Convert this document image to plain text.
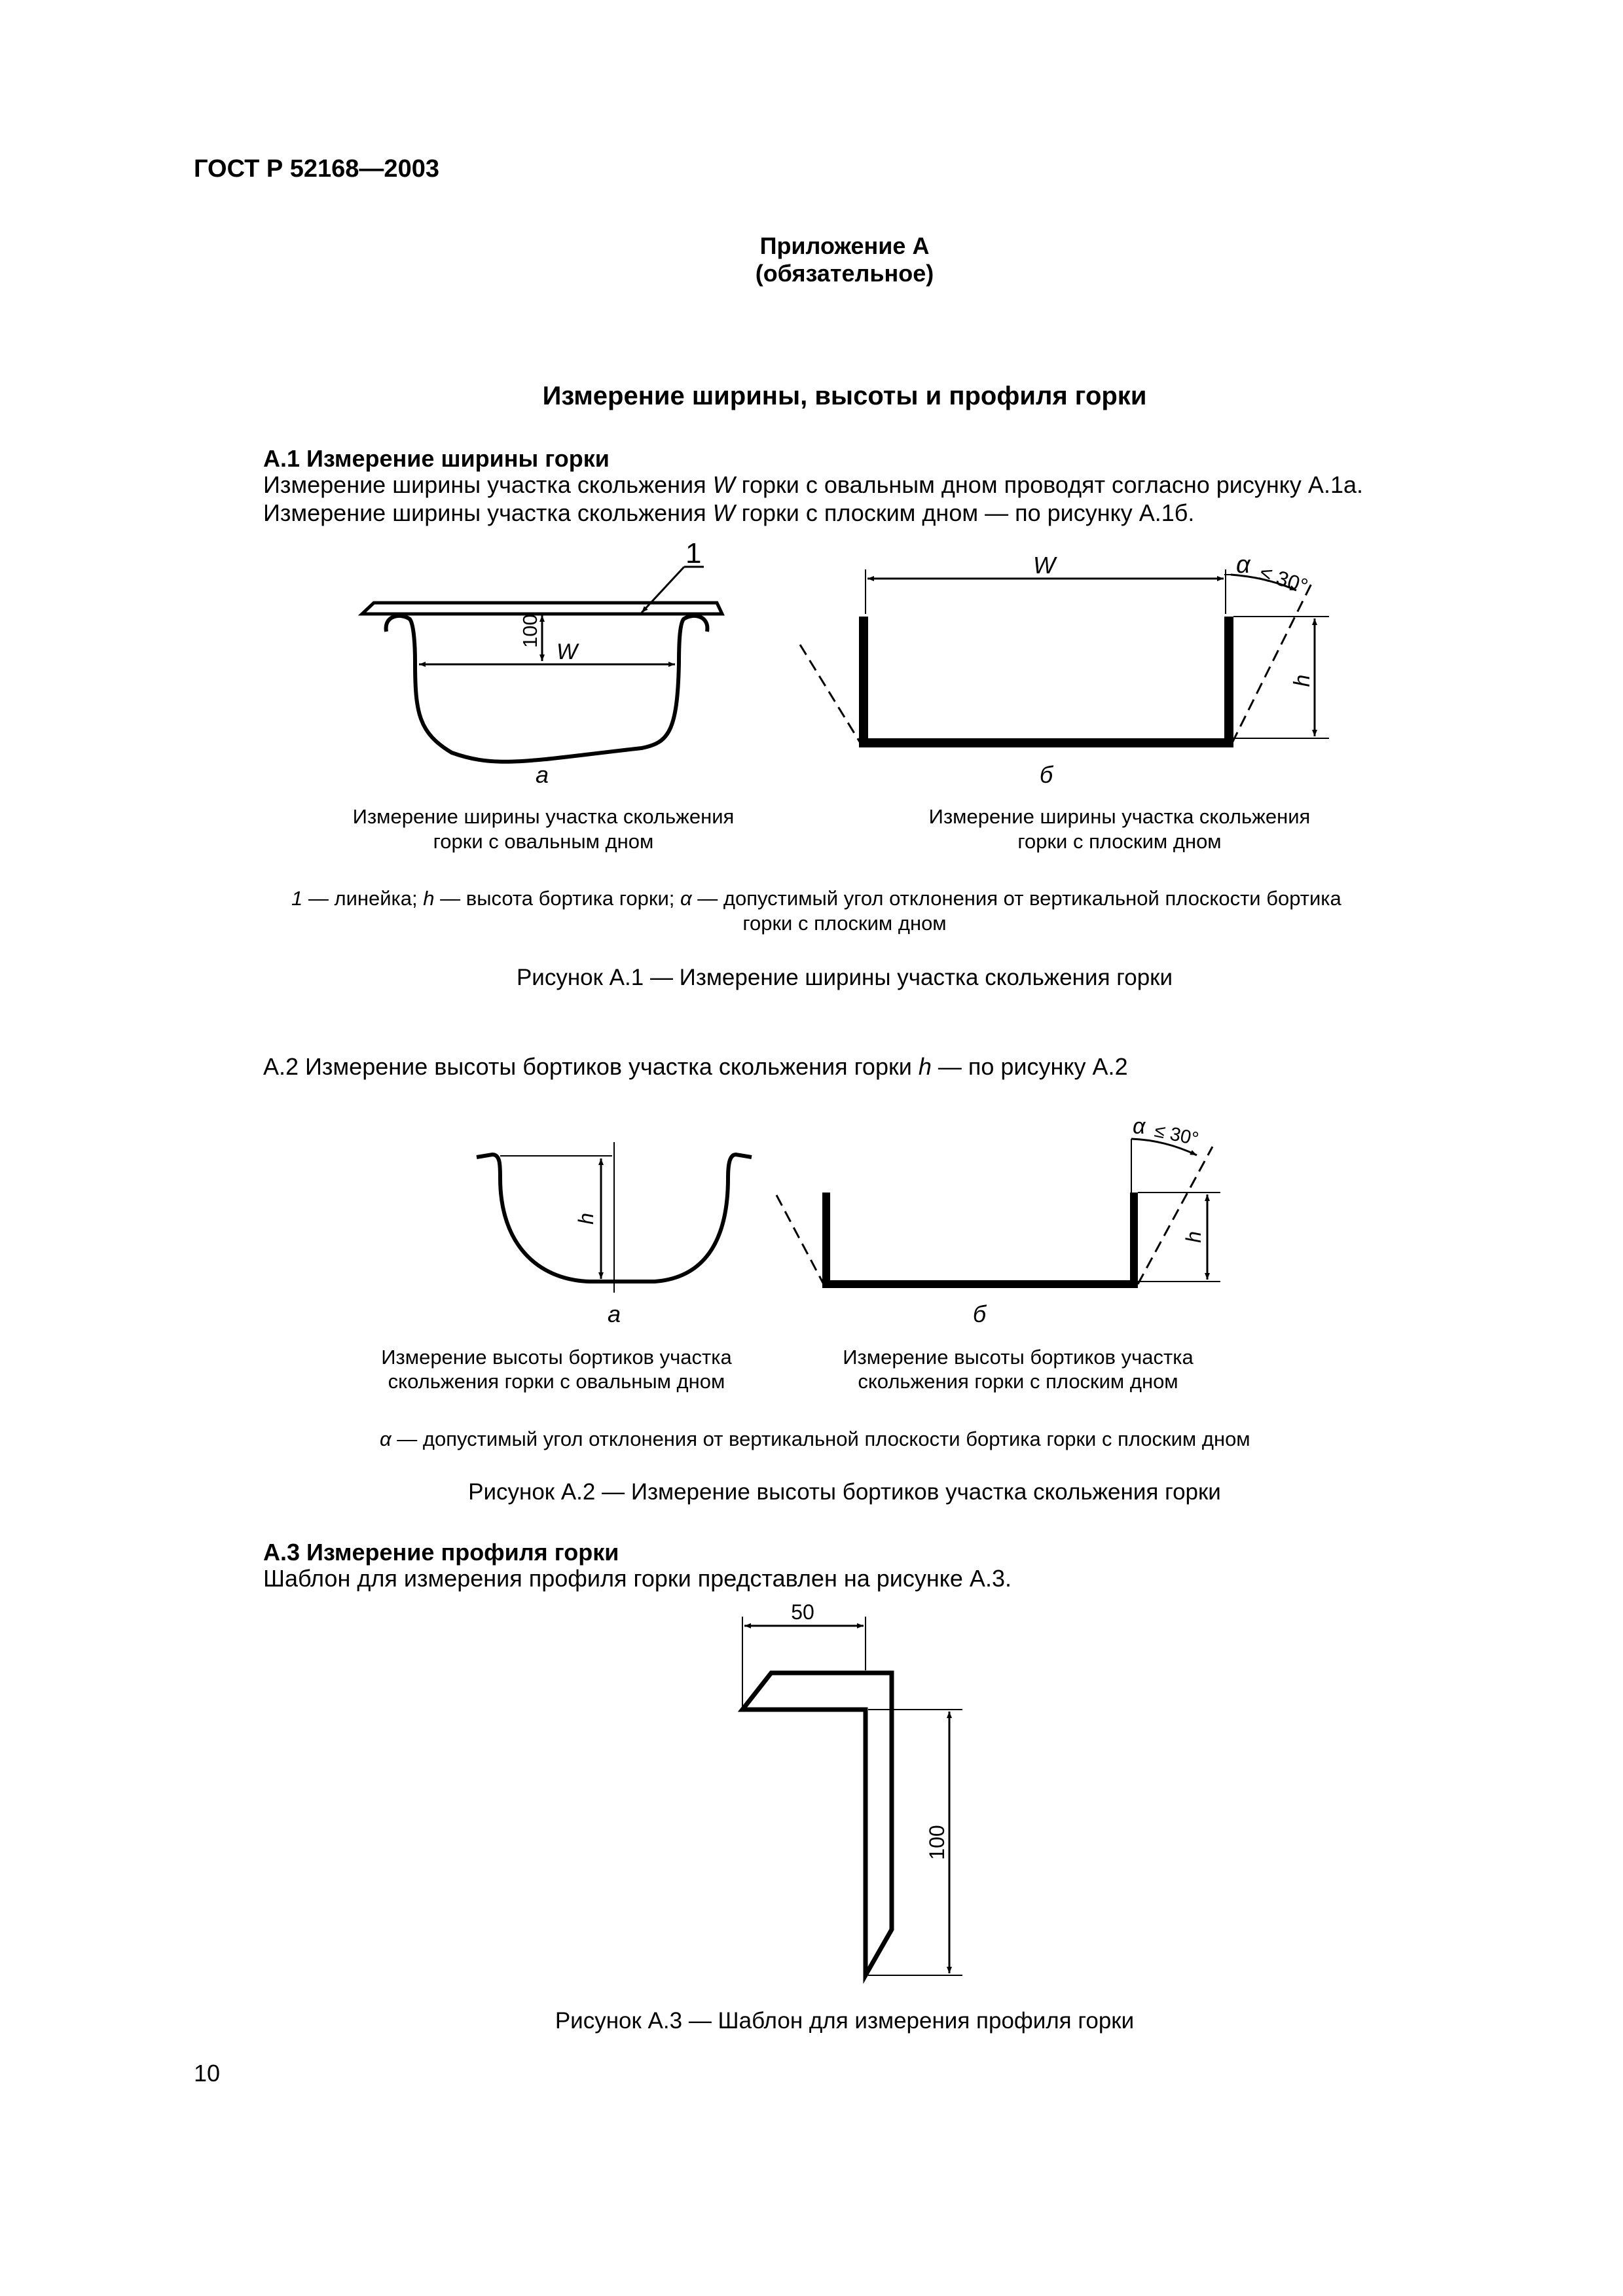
ГОСТ Р 52168—2003
Приложение А
(обязательное)
Измерение ширины, высоты и профиля горки
А.1 Измерение ширины горки
Измерение ширины участка скольжения W горки с овальным дном проводят согласно рисунку А.1а.
Измерение ширины участка скольжения W горки с плоским дном — по рисунку А.1б.
1
100
W
а
W	α ≤ 30°
h
б
Измерение ширины участка скольжения
горки с овальным дном
Измерение ширины участка скольжения
горки с плоским дном
1 — линейка; h — высота бортика горки; α — допустимый угол отклонения от вертикальной плоскости бортика
горки с плоским дном
Рисунок А.1 — Измерение ширины участка скольжения горки
А.2 Измерение высоты бортиков участка скольжения горки h — по рисунку А.2
h
а
α ≤ 30°
h
б
Измерение высоты бортиков участка
скольжения горки с овальным дном
Измерение высоты бортиков участка
скольжения горки с плоским дном
α — допустимый угол отклонения от вертикальной плоскости бортика горки с плоским дном
Рисунок А.2 — Измерение высоты бортиков участка скольжения горки
А.3 Измерение профиля горки
Шаблон для измерения профиля горки представлен на рисунке А.3.
50
100
Рисунок А.3 — Шаблон для измерения профиля горки
10
